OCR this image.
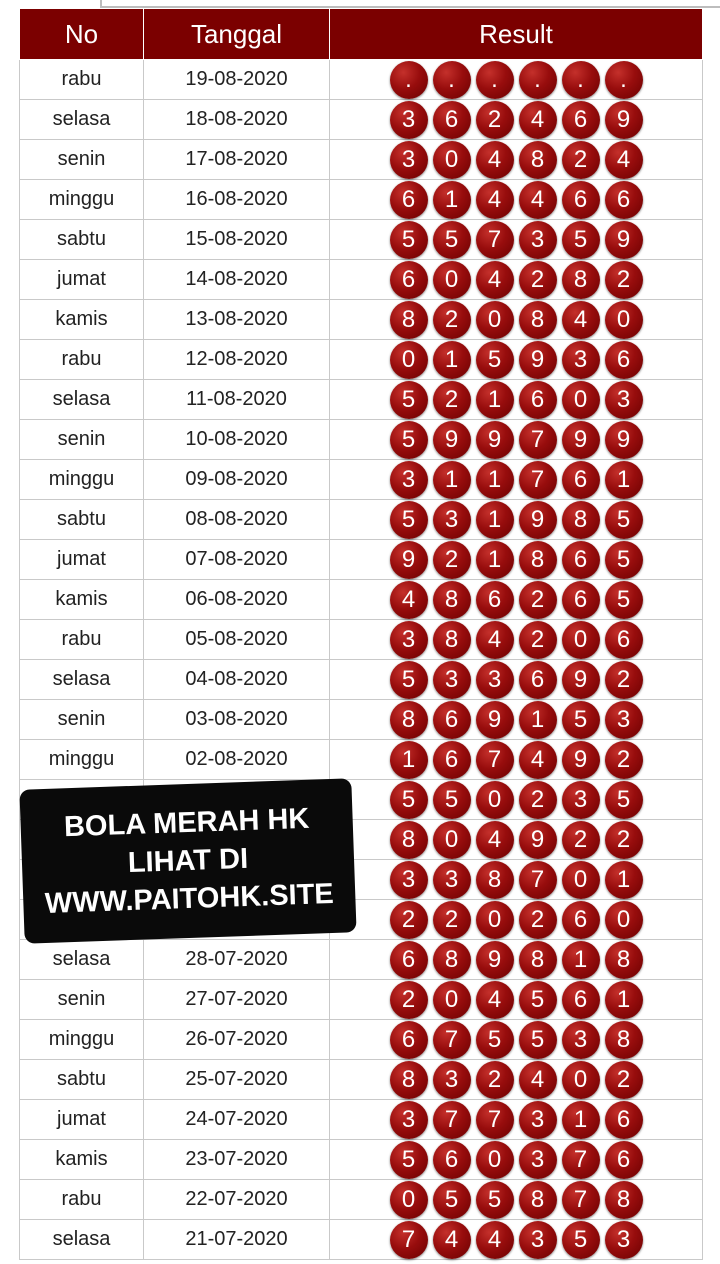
No	Tanggal	Result
rabu	19-08-2020	. . . . . .
selasa	18-08-2020	3 6 2 4 6 9
senin	17-08-2020	3 0 4 8 2 4
minggu	16-08-2020	6 1 4 4 6 6
sabtu	15-08-2020	5 5 7 3 5 9
jumat	14-08-2020	6 0 4 2 8 2
kamis	13-08-2020	8 2 0 8 4 0
rabu	12-08-2020	0 1 5 9 3 6
selasa	11-08-2020	5 2 1 6 0 3
senin	10-08-2020	5 9 9 7 9 9
minggu	09-08-2020	3 1 1 7 6 1
sabtu	08-08-2020	5 3 1 9 8 5
jumat	07-08-2020	9 2 1 8 6 5
kamis	06-08-2020	4 8 6 2 6 5
rabu	05-08-2020	3 8 4 2 0 6
selasa	04-08-2020	5 3 3 6 9 2
senin	03-08-2020	8 6 9 1 5 3
minggu	02-08-2020	1 6 7 4 9 2
		5 5 0 2 3 5
		8 0 4 9 2 2
		3 3 8 7 0 1
		2 2 0 2 6 0
selasa	28-07-2020	6 8 9 8 1 8
senin	27-07-2020	2 0 4 5 6 1
minggu	26-07-2020	6 7 5 5 3 8
sabtu	25-07-2020	8 3 2 4 0 2
jumat	24-07-2020	3 7 7 3 1 6
kamis	23-07-2020	5 6 0 3 7 6
rabu	22-07-2020	0 5 5 8 7 8
selasa	21-07-2020	7 4 4 3 5 3
BOLA MERAH HK
LIHAT DI
WWW.PAITOHK.SITE
